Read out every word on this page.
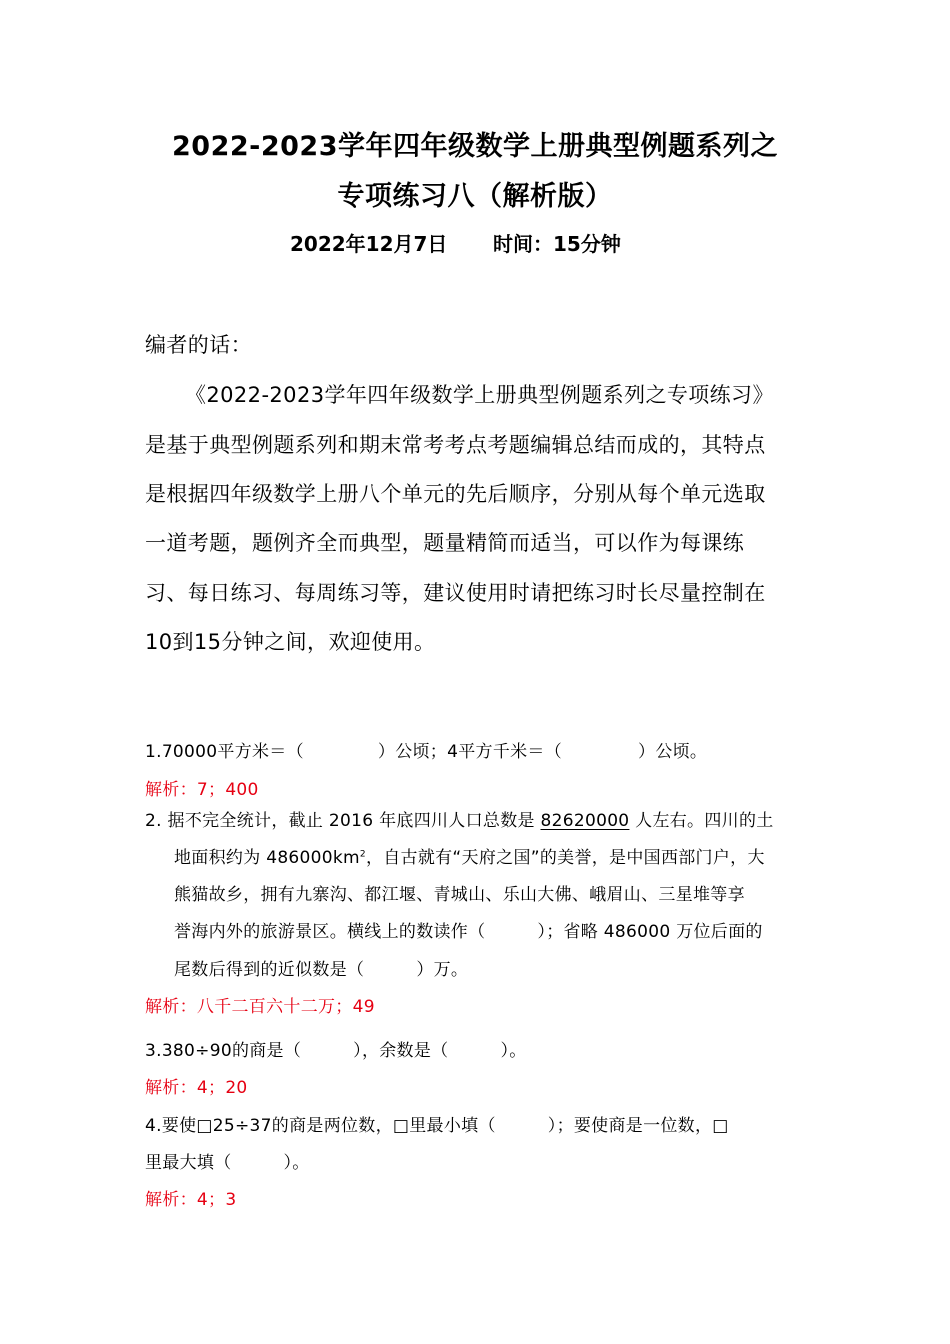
2022-2023学年四年级数学上册典型例题系列之
专项练习八（解析版）
2022年12月7日 时间：15分钟
编者的话：
《2022-2023学年四年级数学上册典型例题系列之专项练习》
是基于典型例题系列和期末常考考点考题编辑总结而成的，其特点
是根据四年级数学上册八个单元的先后顺序，分别从每个单元选取
一道考题，题例齐全而典型，题量精简而适当，可以作为每课练
习、每日练习、每周练习等，建议使用时请把练习时长尽量控制在
10到15分钟之间，欢迎使用。
1.70000平方米＝（	）公顷；4平方千米＝（	）公顷。
解析：7；400
2. 据不完全统计，截止 2016 年底四川人口总数是 82620000 人左右。四川的土
地面积约为 $486000km^2$，自古就有“天府之国”的美誉，是中国西部门户，大
熊猫故乡，拥有九寨沟、都江堰、青城山、乐山大佛、峨眉山、三星堆等享
誉海内外的旅游景区。横线上的数读作（	）；省略 486000 万位后面的
尾数后得到的近似数是（	）万。
解析：八千二百六十二万；49
3.380÷90的商是（	），余数是（	）。
解析：4；20
4.要使□25÷37的商是两位数，□里最小填（	）；要使商是一位数，□
里最大填（	）。
解析：4；3
